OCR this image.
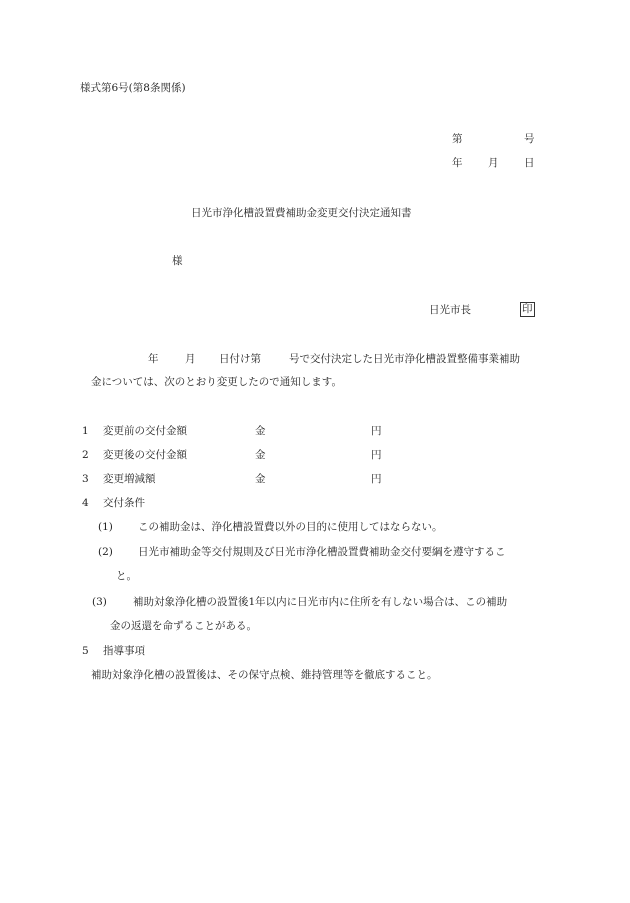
様式第6号(第8条関係)
第	号
年 月 日
日光市浄化槽設置費補助金変更交付決定通知書
様
日光市長	印
年	月 日付け第	号で交付決定した日光市浄化槽設置整備事業補助
金については、次のとおり変更したので通知します。
1 変更前の交付金額	金	円
2 変更後の交付金額	金	円
3 変更増減額	金	円
4 交付条件
(1) この補助金は、浄化槽設置費以外の目的に使用してはならない。
(2) 日光市補助金等交付規則及び日光市浄化槽設置費補助金交付要綱を遵守するこ
と。
(3) 補助対象浄化槽の設置後1年以内に日光市内に住所を有しない場合は、この補助
金の返還を命ずることがある。
5 指導事項
補助対象浄化槽の設置後は、その保守点検、維持管理等を徹底すること。
